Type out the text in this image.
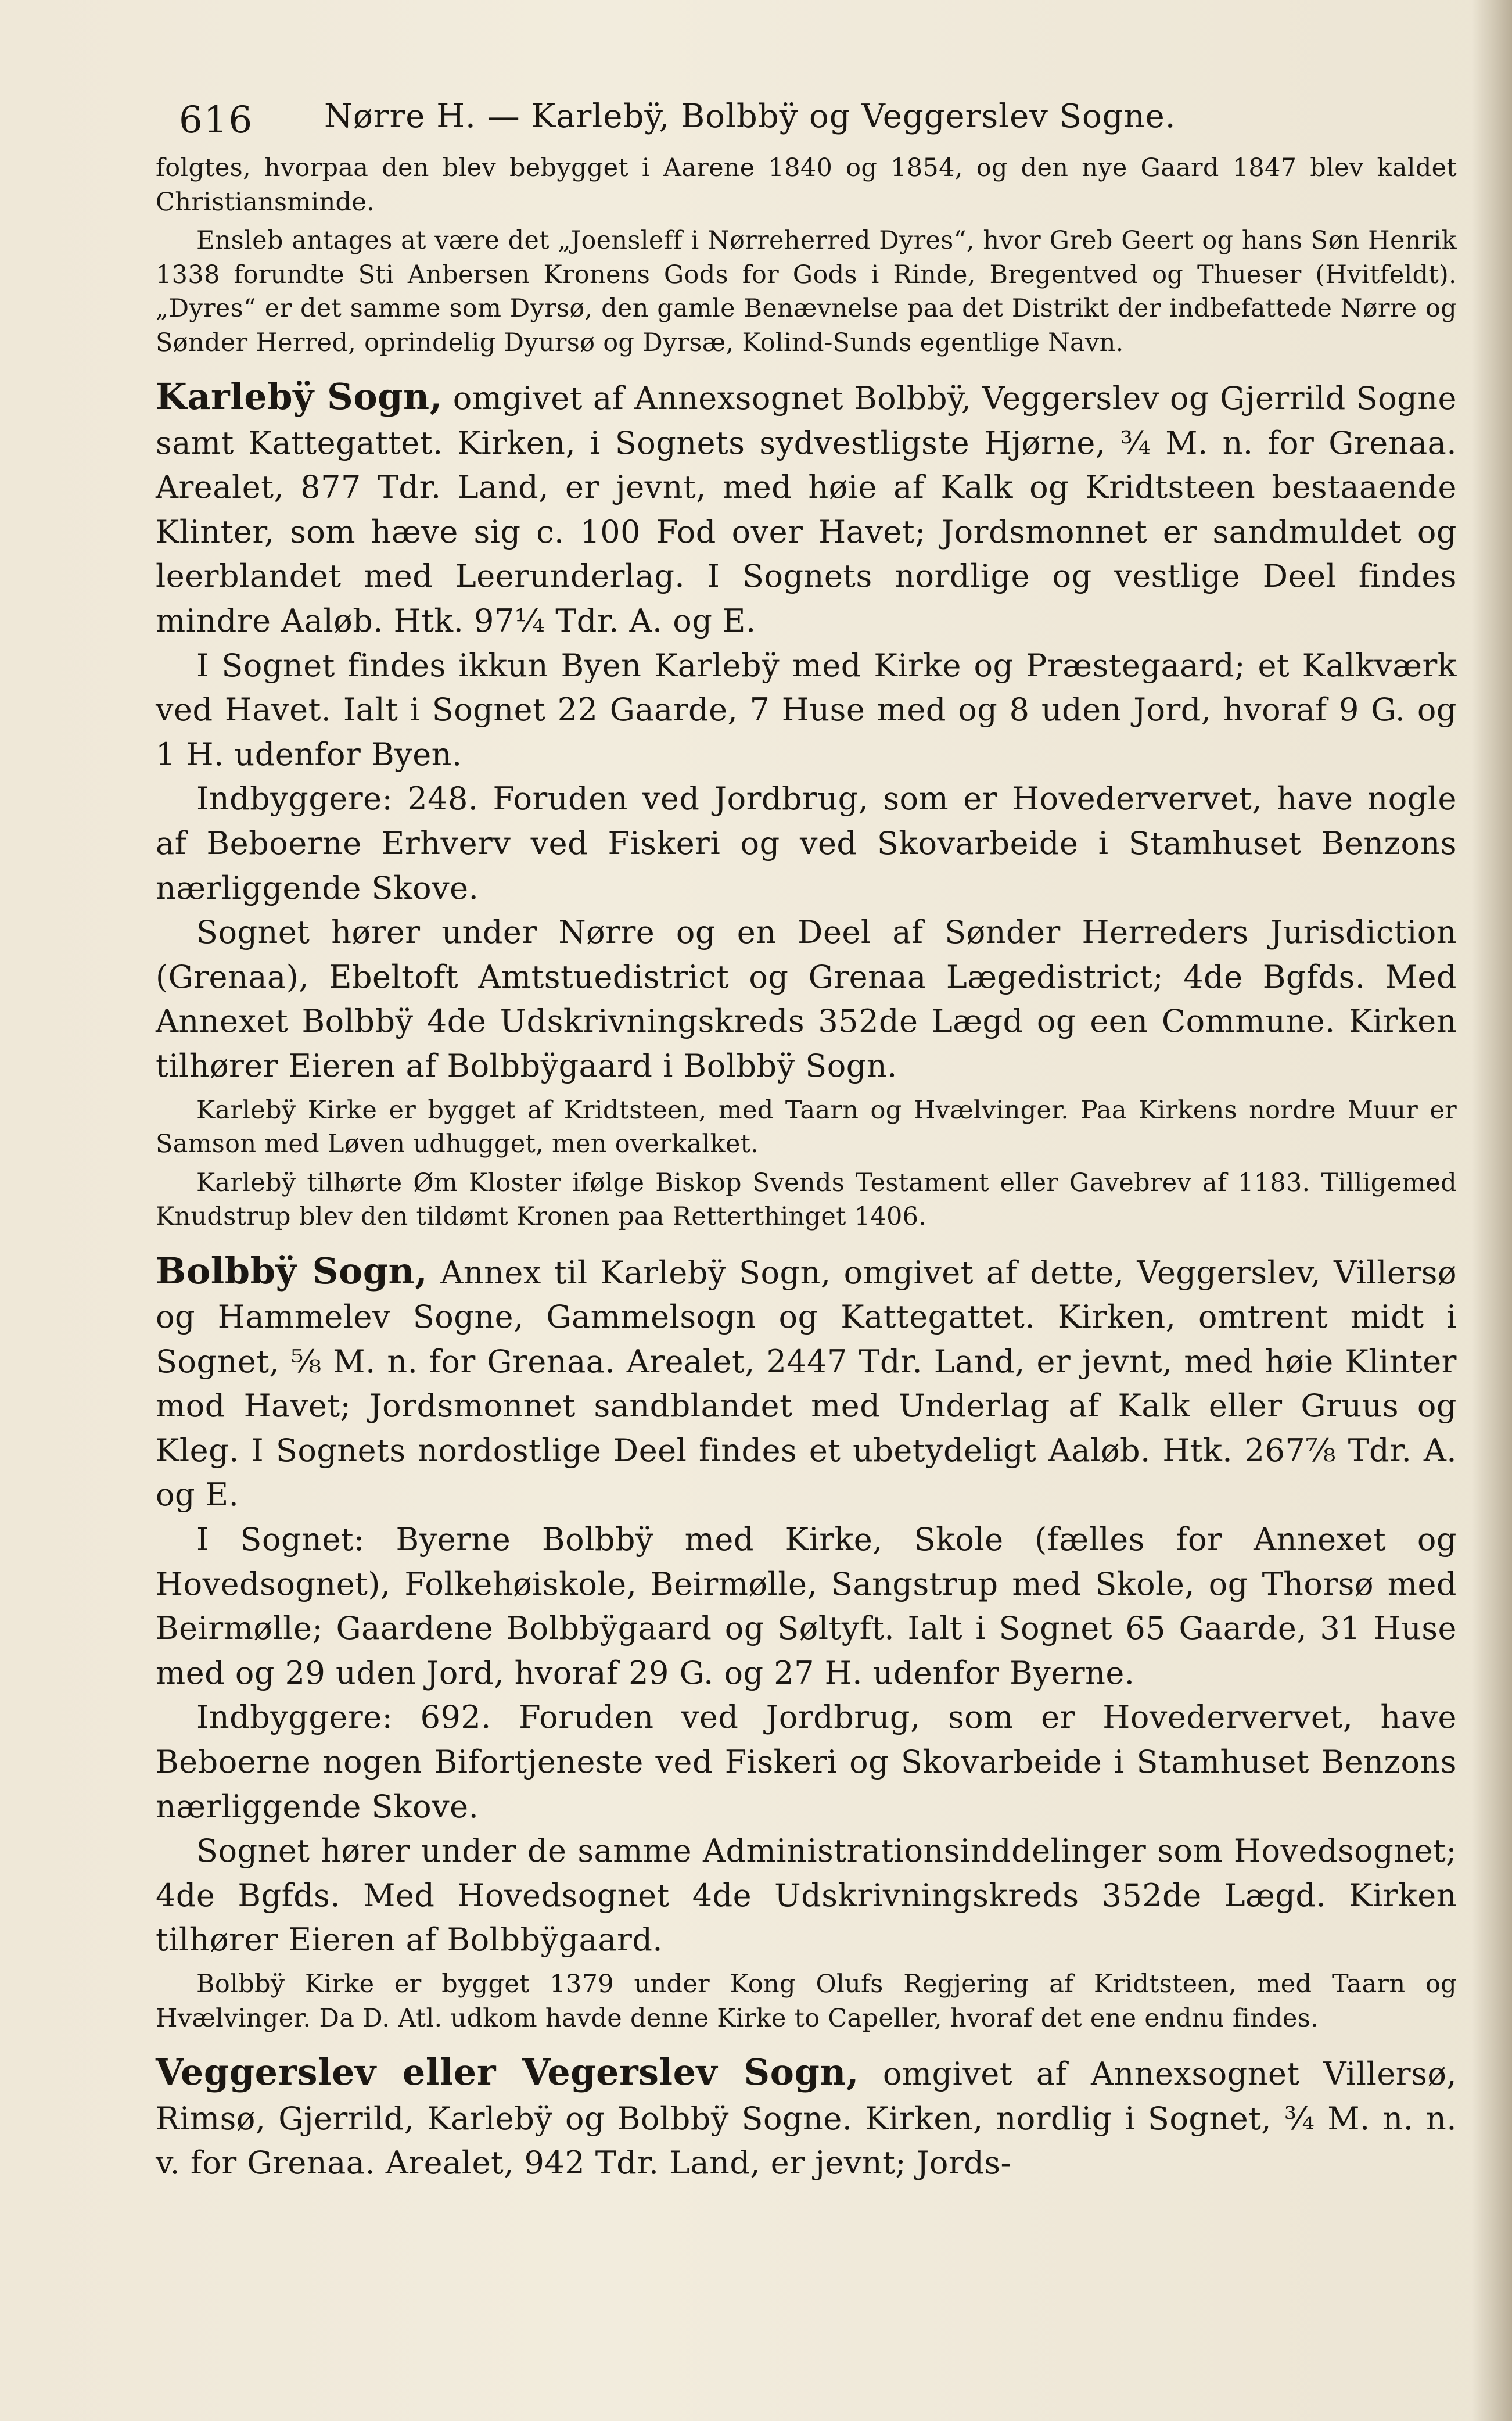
616 Nørre H. — Karlebÿ, Bolbbÿ og Veggerslev Sogne.

folgtes, hvorpaa den blev bebygget i Aarene 1840 og 1854, og den nye Gaard 1847 blev kaldet Christiansminde.

Ensleb antages at være det „Joensleff i Nørreherred Dyres“, hvor Greb Geert og hans Søn Henrik 1338 forundte Sti Anbersen Kronens Gods for Gods i Rinde, Bregentved og Thueser (Hvitfeldt). „Dyres“ er det samme som Dyrsø, den gamle Benævnelse paa det Distrikt der indbefattede Nørre og Sønder Herred, oprindelig Dyursø og Dyrsæ, Kolind-Sunds egentlige Navn.

Karlebÿ Sogn, omgivet af Annexsognet Bolbbÿ, Veggerslev og Gjerrild Sogne samt Kattegattet. Kirken, i Sognets sydvestligste Hjørne, ¾ M. n. for Grenaa. Arealet, 877 Tdr. Land, er jevnt, med høie af Kalk og Kridtsteen bestaaende Klinter, som hæve sig c. 100 Fod over Havet; Jordsmonnet er sandmuldet og leerblandet med Leerunderlag. I Sognets nordlige og vestlige Deel findes mindre Aaløb. Htk. 97¼ Tdr. A. og E.

I Sognet findes ikkun Byen Karlebÿ med Kirke og Præstegaard; et Kalkværk ved Havet. Ialt i Sognet 22 Gaarde, 7 Huse med og 8 uden Jord, hvoraf 9 G. og 1 H. udenfor Byen.

Indbyggere: 248. Foruden ved Jordbrug, som er Hovedervervet, have nogle af Beboerne Erhverv ved Fiskeri og ved Skovarbeide i Stamhuset Benzons nærliggende Skove.

Sognet hører under Nørre og en Deel af Sønder Herreders Jurisdiction (Grenaa), Ebeltoft Amtstuedistrict og Grenaa Lægedistrict; 4de Bgfds. Med Annexet Bolbbÿ 4de Udskrivningskreds 352de Lægd og een Commune. Kirken tilhører Eieren af Bolbbÿgaard i Bolbbÿ Sogn.

Karlebÿ Kirke er bygget af Kridtsteen, med Taarn og Hvælvinger. Paa Kirkens nordre Muur er Samson med Løven udhugget, men overkalket.

Karlebÿ tilhørte Øm Kloster ifølge Biskop Svends Testament eller Gavebrev af 1183. Tilligemed Knudstrup blev den tildømt Kronen paa Retterthinget 1406.

Bolbbÿ Sogn, Annex til Karlebÿ Sogn, omgivet af dette, Veggerslev, Villersø og Hammelev Sogne, Gammelsogn og Kattegattet. Kirken, omtrent midt i Sognet, ⅝ M. n. for Grenaa. Arealet, 2447 Tdr. Land, er jevnt, med høie Klinter mod Havet; Jordsmonnet sandblandet med Underlag af Kalk eller Gruus og Kleg. I Sognets nordostlige Deel findes et ubetydeligt Aaløb. Htk. 267⅞ Tdr. A. og E.

I Sognet: Byerne Bolbbÿ med Kirke, Skole (fælles for Annexet og Hovedsognet), Folkehøiskole, Beirmølle, Sangstrup med Skole, og Thorsø med Beirmølle; Gaardene Bolbbÿgaard og Søltyft. Ialt i Sognet 65 Gaarde, 31 Huse med og 29 uden Jord, hvoraf 29 G. og 27 H. udenfor Byerne.

Indbyggere: 692. Foruden ved Jordbrug, som er Hovedervervet, have Beboerne nogen Bifortjeneste ved Fiskeri og Skovarbeide i Stamhuset Benzons nærliggende Skove.

Sognet hører under de samme Administrationsinddelinger som Hovedsognet; 4de Bgfds. Med Hovedsognet 4de Udskrivningskreds 352de Lægd. Kirken tilhører Eieren af Bolbbÿgaard.

Bolbbÿ Kirke er bygget 1379 under Kong Olufs Regjering af Kridtsteen, med Taarn og Hvælvinger. Da D. Atl. udkom havde denne Kirke to Capeller, hvoraf det ene endnu findes.

Veggerslev eller Vegerslev Sogn, omgivet af Annexsognet Villersø, Rimsø, Gjerrild, Karlebÿ og Bolbbÿ Sogne. Kirken, nordlig i Sognet, ¾ M. n. n. v. for Grenaa. Arealet, 942 Tdr. Land, er jevnt; Jords-
